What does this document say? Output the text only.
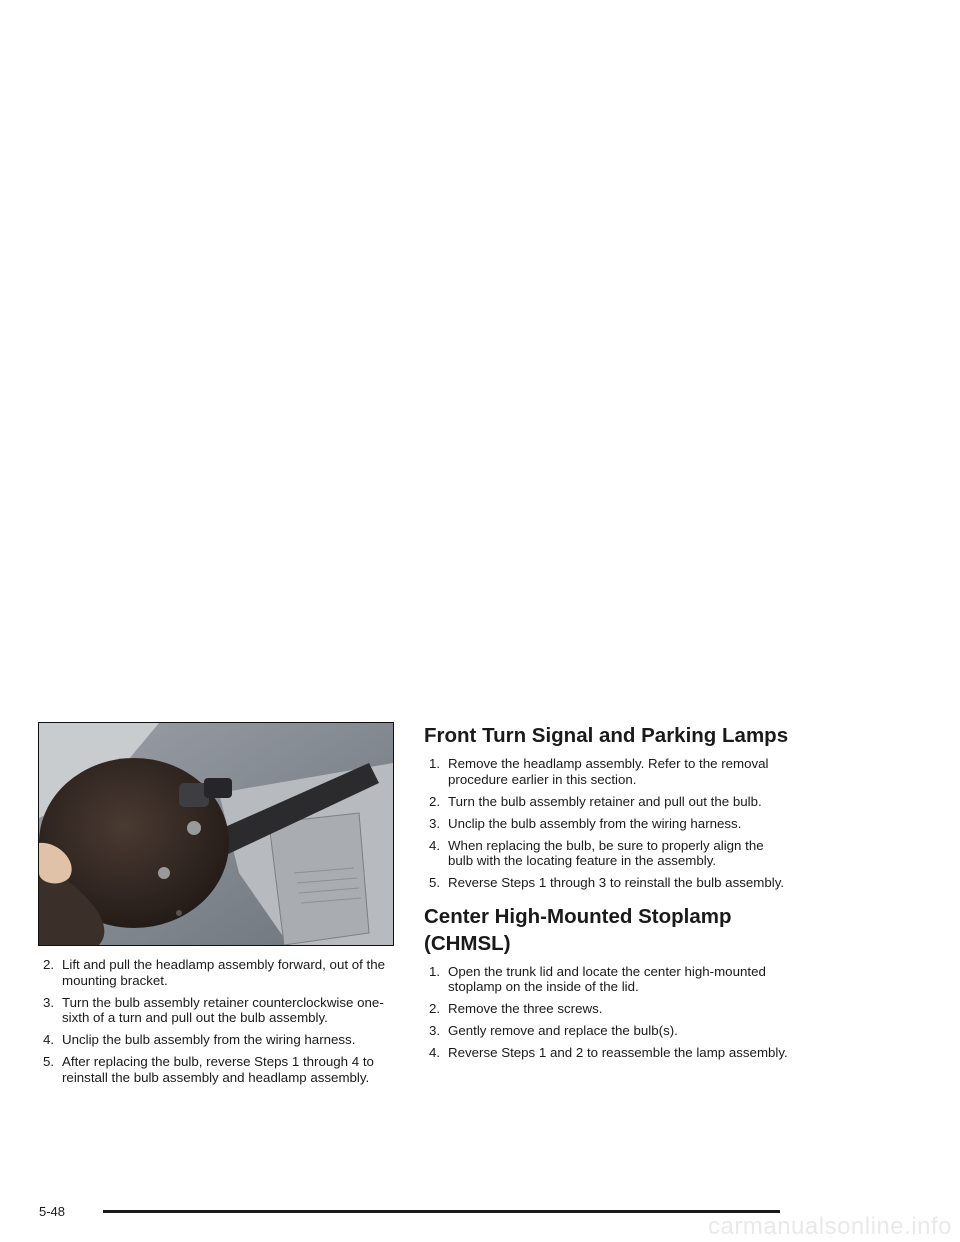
2. Lift and pull the headlamp assembly forward, out of the mounting bracket.
3. Turn the bulb assembly retainer counterclockwise one-sixth of a turn and pull out the bulb assembly.
4. Unclip the bulb assembly from the wiring harness.
5. After replacing the bulb, reverse Steps 1 through 4 to reinstall the bulb assembly and headlamp assembly.
Front Turn Signal and Parking Lamps
1. Remove the headlamp assembly. Refer to the removal procedure earlier in this section.
2. Turn the bulb assembly retainer and pull out the bulb.
3. Unclip the bulb assembly from the wiring harness.
4. When replacing the bulb, be sure to properly align the bulb with the locating feature in the assembly.
5. Reverse Steps 1 through 3 to reinstall the bulb assembly.
Center High-Mounted Stoplamp (CHMSL)
1. Open the trunk lid and locate the center high-mounted stoplamp on the inside of the lid.
2. Remove the three screws.
3. Gently remove and replace the bulb(s).
4. Reverse Steps 1 and 2 to reassemble the lamp assembly.
5-48
carmanualsonline.info
